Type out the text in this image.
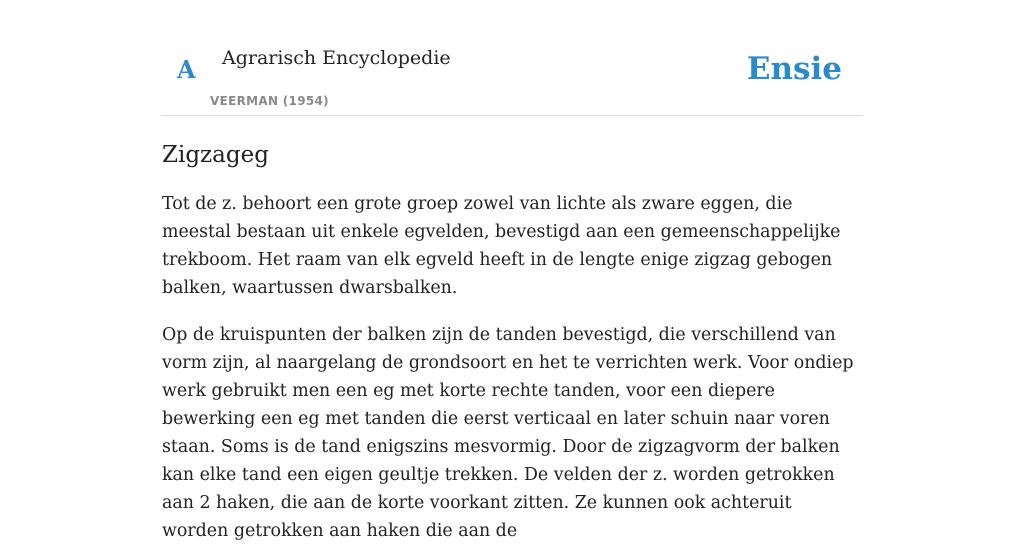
A Agrarisch Encyclopedie
VEERMAN (1954)
Ensie
Zigzageg

Tot de z. behoort een grote groep zowel van lichte als zware eggen, die meestal bestaan uit enkele egvelden, bevestigd aan een gemeenschappelijke trekboom. Het raam van elk egveld heeft in de lengte enige zigzag gebogen balken, waartussen dwarsbalken.

Op de kruispunten der balken zijn de tanden bevestigd, die verschillend van vorm zijn, al naargelang de grondsoort en het te verrichten werk. Voor ondiep werk gebruikt men een eg met korte rechte tanden, voor een diepere bewerking een eg met tanden die eerst verticaal en later schuin naar voren staan. Soms is de tand enigszins mesvormig. Door de zigzagvorm der balken kan elke tand een eigen geultje trekken. De velden der z. worden getrokken aan 2 haken, die aan de korte voorkant zitten. Ze kunnen ook achteruit worden getrokken aan haken die aan de
